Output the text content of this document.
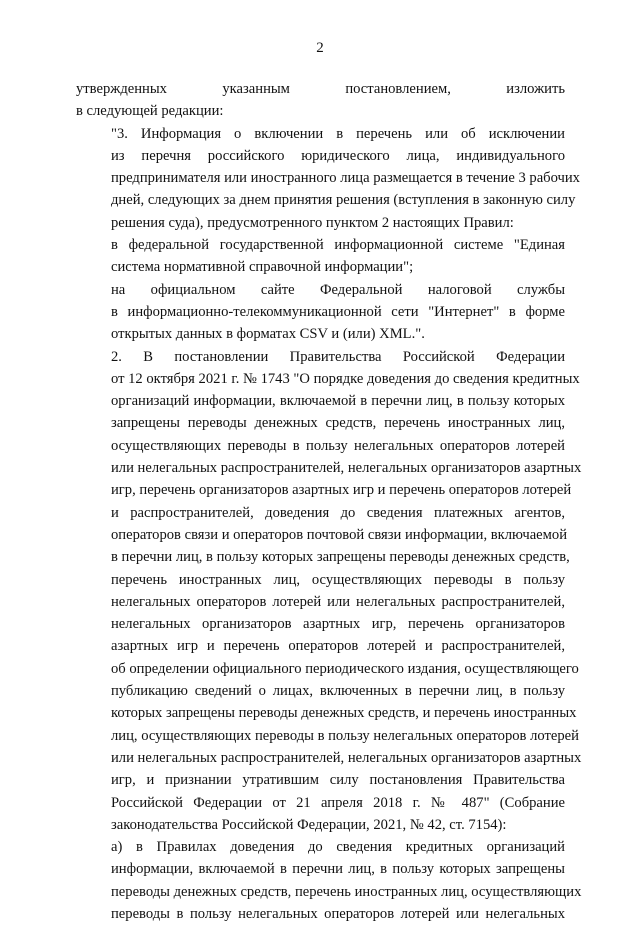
2

утвержденных указанным постановлением, изложить
в следующей редакции:

"3. Информация о включении в перечень или об исключении
из перечня российского юридического лица, индивидуального
предпринимателя или иностранного лица размещается в течение 3 рабочих
дней, следующих за днем принятия решения (вступления в законную силу
решения суда), предусмотренного пунктом 2 настоящих Правил:

в федеральной государственной информационной системе "Единая
система нормативной справочной информации";

на официальном сайте Федеральной налоговой службы
в информационно-телекоммуникационной сети "Интернет" в форме
открытых данных в форматах CSV и (или) XML.".

2. В постановлении Правительства Российской Федерации
от 12 октября 2021 г. № 1743 "О порядке доведения до сведения кредитных
организаций информации, включаемой в перечни лиц, в пользу которых
запрещены переводы денежных средств, перечень иностранных лиц,
осуществляющих переводы в пользу нелегальных операторов лотерей
или нелегальных распространителей, нелегальных организаторов азартных
игр, перечень организаторов азартных игр и перечень операторов лотерей
и распространителей, доведения до сведения платежных агентов,
операторов связи и операторов почтовой связи информации, включаемой
в перечни лиц, в пользу которых запрещены переводы денежных средств,
перечень иностранных лиц, осуществляющих переводы в пользу
нелегальных операторов лотерей или нелегальных распространителей,
нелегальных организаторов азартных игр, перечень организаторов
азартных игр и перечень операторов лотерей и распространителей,
об определении официального периодического издания, осуществляющего
публикацию сведений о лицах, включенных в перечни лиц, в пользу
которых запрещены переводы денежных средств, и перечень иностранных
лиц, осуществляющих переводы в пользу нелегальных операторов лотерей
или нелегальных распространителей, нелегальных организаторов азартных
игр, и признании утратившим силу постановления Правительства
Российской Федерации от 21 апреля 2018 г. № 487" (Собрание
законодательства Российской Федерации, 2021, № 42, ст. 7154):

а) в Правилах доведения до сведения кредитных организаций
информации, включаемой в перечни лиц, в пользу которых запрещены
переводы денежных средств, перечень иностранных лиц, осуществляющих
переводы в пользу нелегальных операторов лотерей или нелегальных
